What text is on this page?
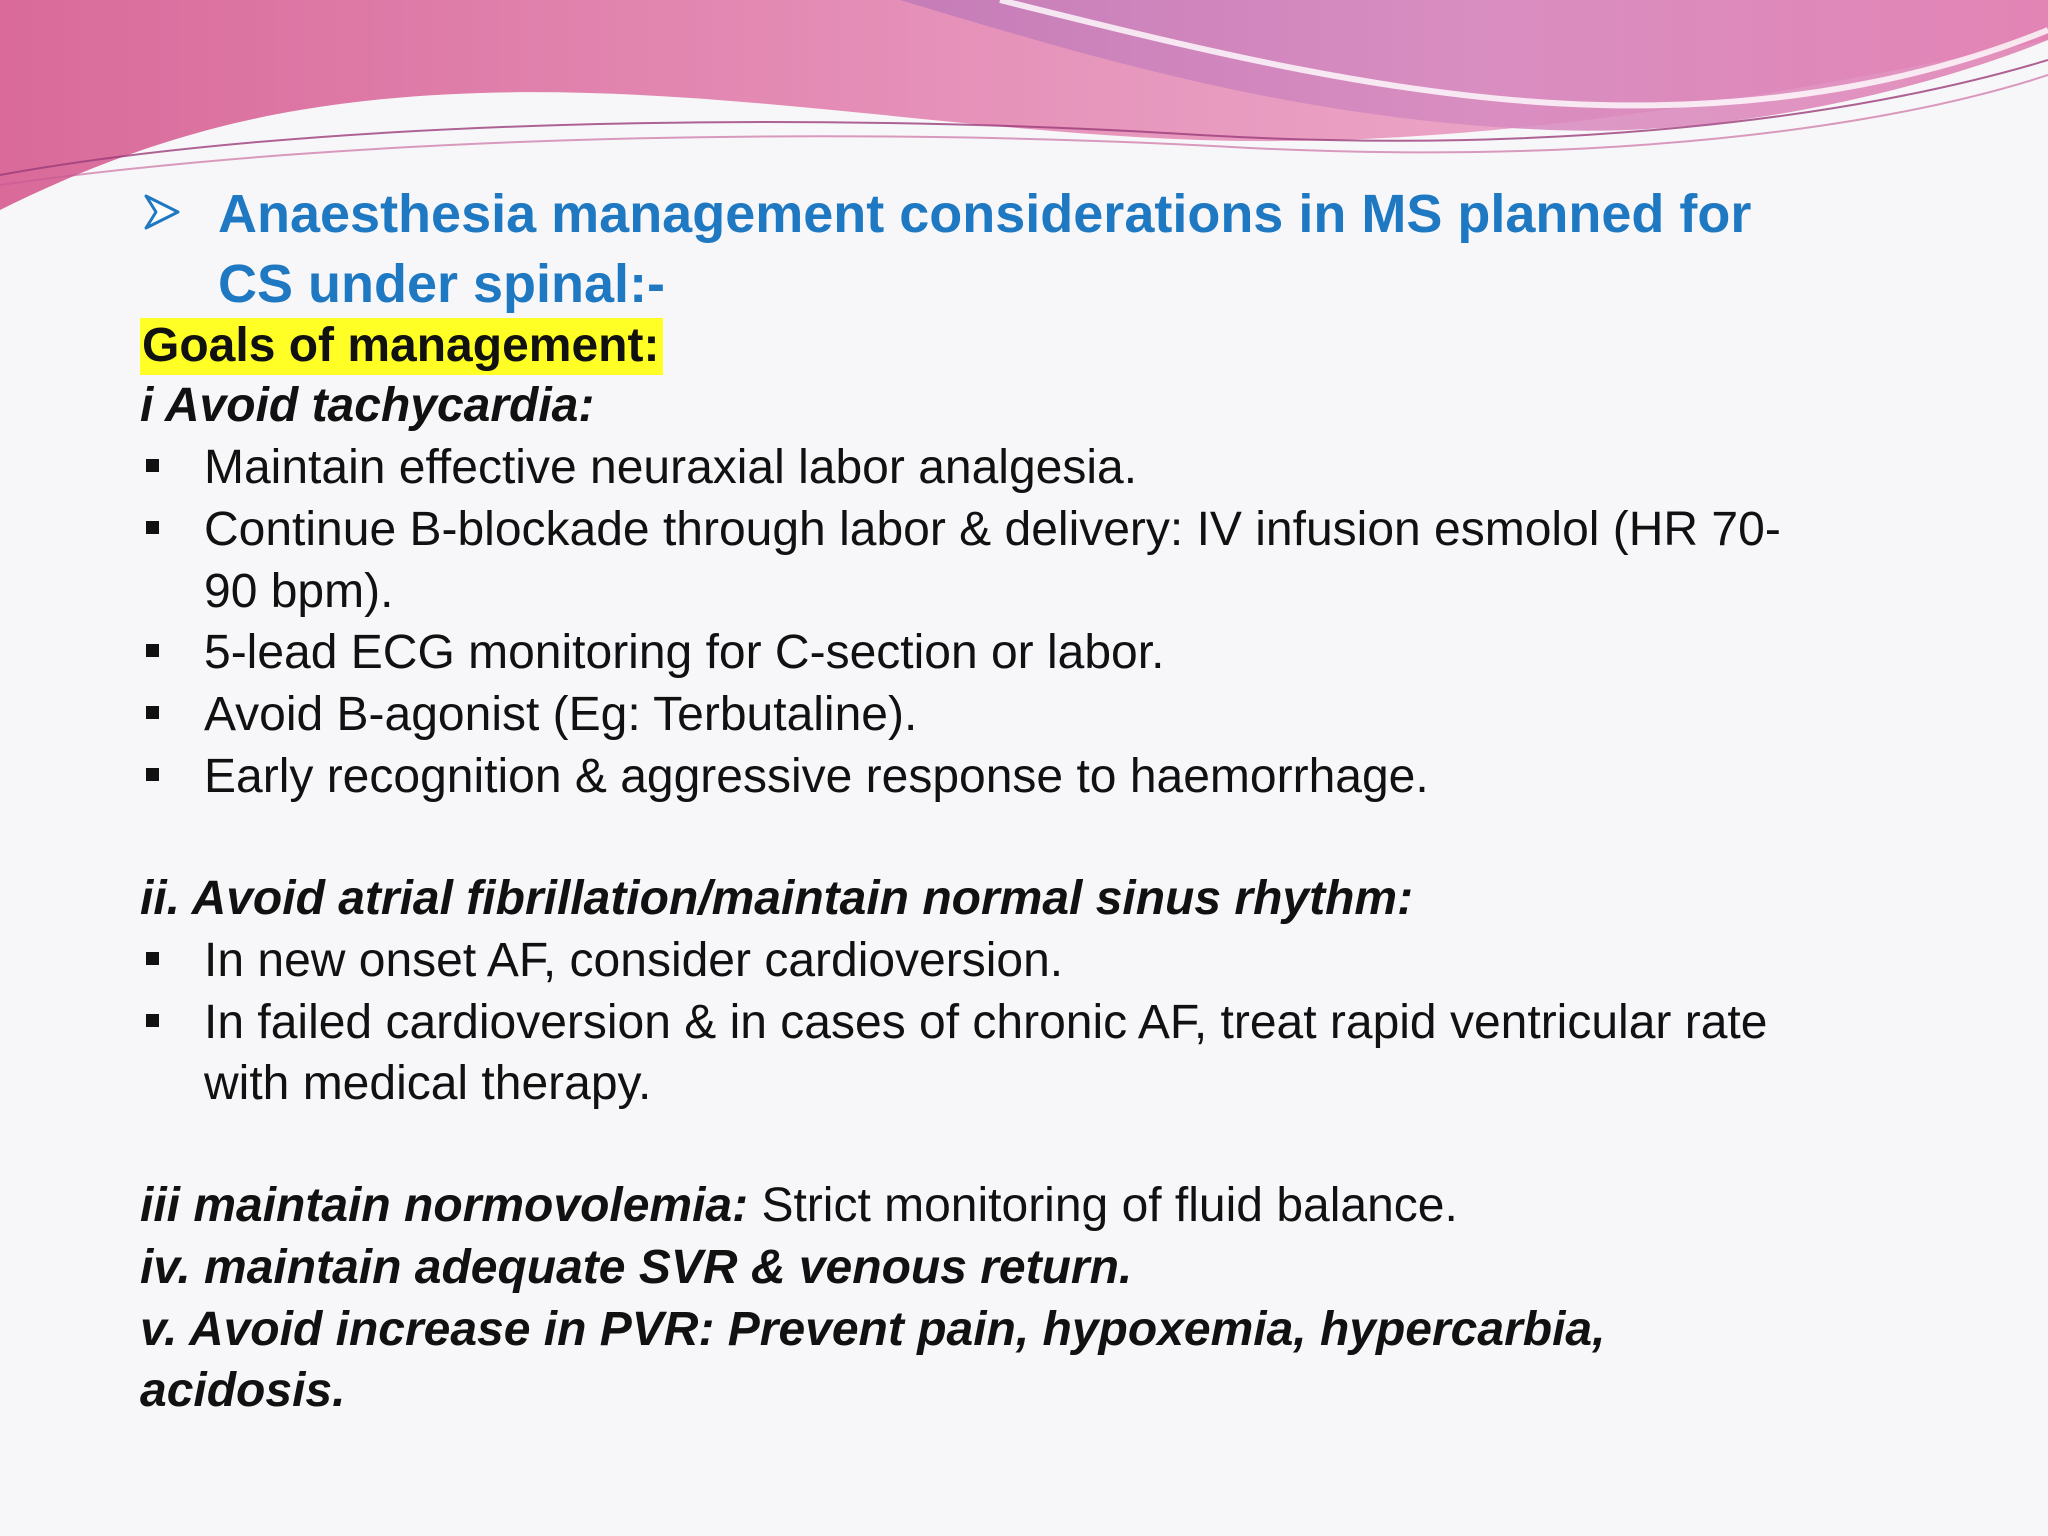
Anaesthesia management considerations in MS planned for
CS under spinal:-
Goals of management:
i Avoid tachycardia:
Maintain effective neuraxial labor analgesia.
Continue B-blockade through labor & delivery: IV infusion esmolol (HR 70-
90 bpm).
5-lead ECG monitoring for C-section or labor.
Avoid B-agonist (Eg: Terbutaline).
Early recognition & aggressive response to haemorrhage.
ii. Avoid atrial fibrillation/maintain normal sinus rhythm:
In new onset AF, consider cardioversion.
In failed cardioversion & in cases of chronic AF, treat rapid ventricular rate
with medical therapy.
iii maintain normovolemia: Strict monitoring of fluid balance.
iv. maintain adequate SVR & venous return.
v. Avoid increase in PVR: Prevent pain, hypoxemia, hypercarbia,
acidosis.
